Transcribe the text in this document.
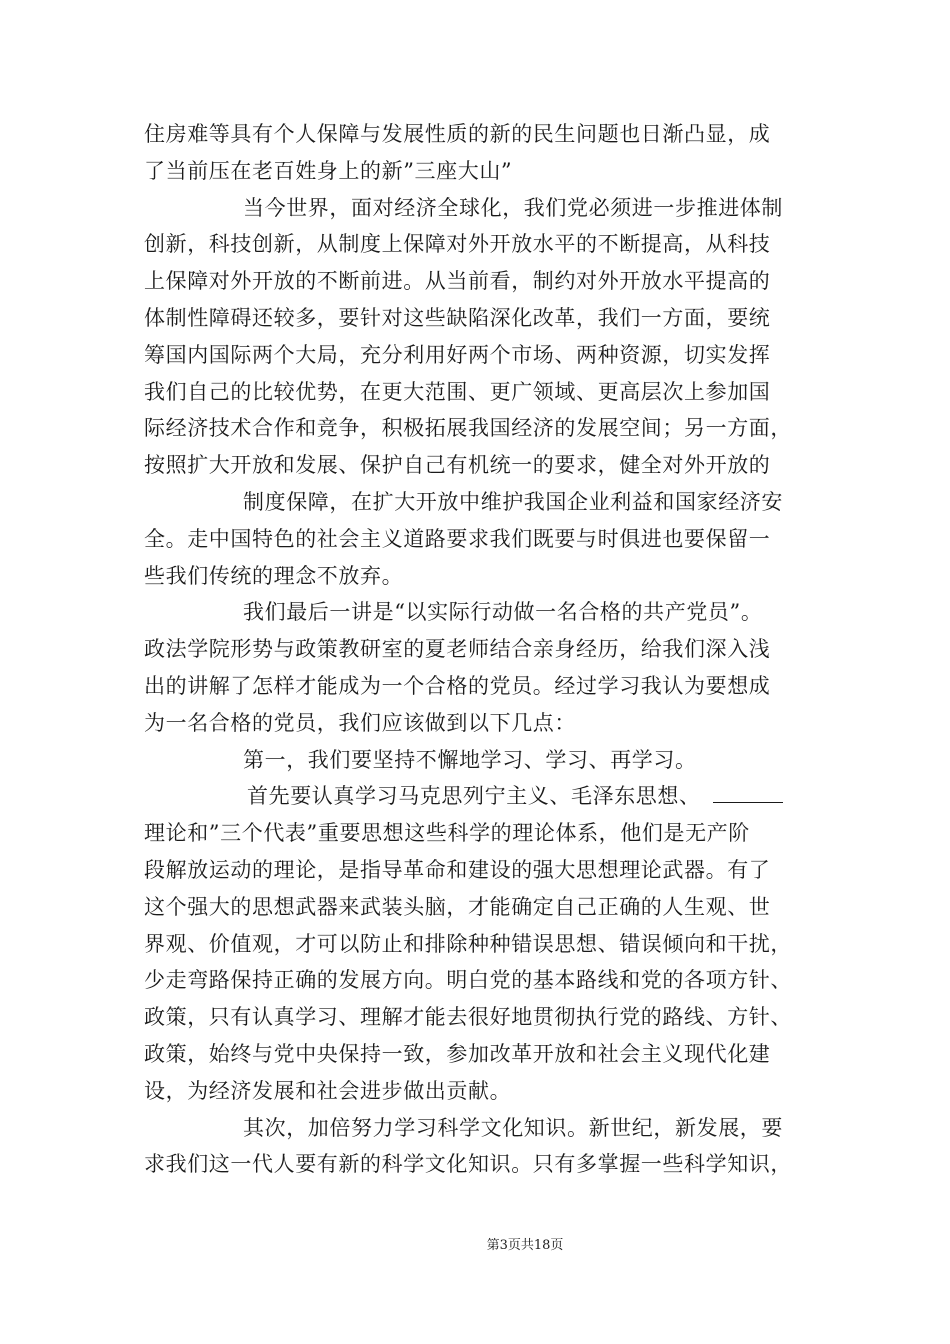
住房难等具有个人保障与发展性质的新的民生问题也日渐凸显，成
了当前压在老百姓身上的新”三座大山”
当今世界，面对经济全球化，我们党必须进一步推进体制
创新，科技创新，从制度上保障对外开放水平的不断提高，从科技
上保障对外开放的不断前进。从当前看，制约对外开放水平提高的
体制性障碍还较多，要针对这些缺陷深化改革，我们一方面，要统
筹国内国际两个大局，充分利用好两个市场、两种资源，切实发挥
我们自己的比较优势，在更大范围、更广领域、更高层次上参加国
际经济技术合作和竞争，积极拓展我国经济的发展空间；另一方面，
按照扩大开放和发展、保护自己有机统一的要求，健全对外开放的
制度保障，在扩大开放中维护我国企业利益和国家经济安
全。走中国特色的社会主义道路要求我们既要与时俱进也要保留一
些我们传统的理念不放弃。
我们最后一讲是“以实际行动做一名合格的共产党员”。
政法学院形势与政策教研室的夏老师结合亲身经历，给我们深入浅
出的讲解了怎样才能成为一个合格的党员。经过学习我认为要想成
为一名合格的党员，我们应该做到以下几点：
第一，我们要坚持不懈地学习、学习、再学习。
首先要认真学习马克思列宁主义、毛泽东思想、
理论和”三个代表”重要思想这些科学的理论体系，他们是无产阶
段解放运动的理论，是指导革命和建设的强大思想理论武器。有了
这个强大的思想武器来武装头脑，才能确定自己正确的人生观、世
界观、价值观，才可以防止和排除种种错误思想、错误倾向和干扰，
少走弯路保持正确的发展方向。明白党的基本路线和党的各项方针、
政策，只有认真学习、理解才能去很好地贯彻执行党的路线、方针、
政策，始终与党中央保持一致，参加改革开放和社会主义现代化建
设，为经济发展和社会进步做出贡献。
其次，加倍努力学习科学文化知识。新世纪，新发展，要
求我们这一代人要有新的科学文化知识。只有多掌握一些科学知识，
第3页共18页
